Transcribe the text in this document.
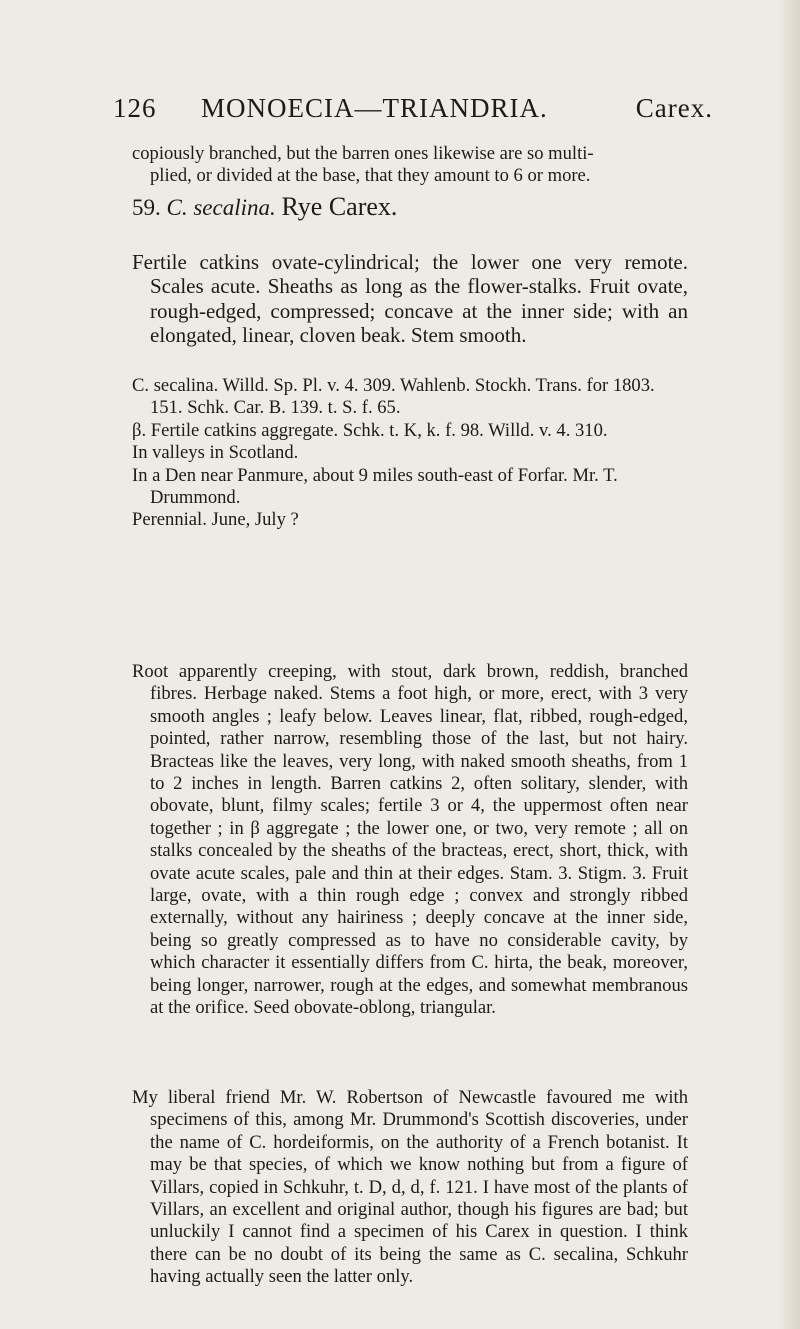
126 MONOECIA—TRIANDRIA.	Carex.
copiously branched, but the barren ones likewise are so multi-
plied, or divided at the base, that they amount to 6 or more.
59. C. secalina. Rye Carex.
Fertile catkins ovate-cylindrical; the lower one very remote. Scales acute. Sheaths as long as the flower-stalks. Fruit ovate, rough-edged, compressed; concave at the inner side; with an elongated, linear, cloven beak. Stem smooth.
C. secalina. Willd. Sp. Pl. v. 4. 309. Wahlenb. Stockh. Trans. for 1803. 151. Schk. Car. B. 139. t. S. f. 65.
β. Fertile catkins aggregate. Schk. t. K, k. f. 98. Willd. v. 4. 310.
In valleys in Scotland.
In a Den near Panmure, about 9 miles south-east of Forfar. Mr. T. Drummond.
Perennial. June, July ?
Root apparently creeping, with stout, dark brown, reddish, branched fibres. Herbage naked. Stems a foot high, or more, erect, with 3 very smooth angles ; leafy below. Leaves linear, flat, ribbed, rough-edged, pointed, rather narrow, resembling those of the last, but not hairy. Bracteas like the leaves, very long, with naked smooth sheaths, from 1 to 2 inches in length. Barren catkins 2, often solitary, slender, with obovate, blunt, filmy scales; fertile 3 or 4, the uppermost often near together ; in β aggregate ; the lower one, or two, very remote ; all on stalks concealed by the sheaths of the bracteas, erect, short, thick, with ovate acute scales, pale and thin at their edges. Stam. 3. Stigm. 3. Fruit large, ovate, with a thin rough edge ; convex and strongly ribbed externally, without any hairiness ; deeply concave at the inner side, being so greatly compressed as to have no considerable cavity, by which character it essentially differs from C. hirta, the beak, moreover, being longer, narrower, rough at the edges, and somewhat membranous at the orifice. Seed obovate-oblong, triangular.
My liberal friend Mr. W. Robertson of Newcastle favoured me with specimens of this, among Mr. Drummond's Scottish discoveries, under the name of C. hordeiformis, on the authority of a French botanist. It may be that species, of which we know nothing but from a figure of Villars, copied in Schkuhr, t. D, d, d, f. 121. I have most of the plants of Villars, an excellent and original author, though his figures are bad; but unluckily I cannot find a specimen of his Carex in question. I think there can be no doubt of its being the same as C. secalina, Schkuhr having actually seen the latter only.
